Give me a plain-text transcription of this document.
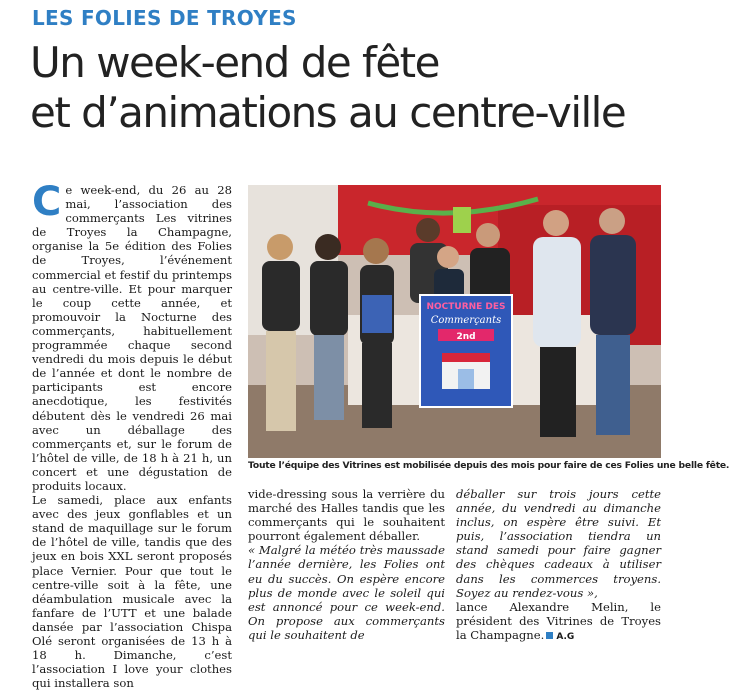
LES FOLIES DE TROYES
Un week-end de fête
et d’animations au centre-ville
C e week-end, du 26 au 28 mai, l’association des commerçants Les vitrines de Troyes la Champagne, organise la 5e édition des Folies de Troyes, l’événement commercial et festif du printemps au centre-ville. Et pour marquer le coup cette année, et promouvoir la Nocturne des commerçants, habituellement programmée chaque second vendredi du mois depuis le début de l’année et dont le nombre de participants est encore anecdotique, les festivités débutent dès le vendredi 26 mai avec un déballage des commerçants et, sur le forum de l’hôtel de ville, de 18 h à 21 h, un concert et une dégustation de produits locaux.

Le samedi, place aux enfants avec des jeux gonflables et un stand de maquillage sur le forum de l’hôtel de ville, tandis que des jeux en bois XXL seront proposés place Vernier. Pour que tout le centre-ville soit à la fête, une déambulation musicale avec la fanfare de l’UTT et une balade dansée par l’association Chispa Olé seront organisées de 13 h à 18 h. Dimanche, c’est l’association I love your clothes qui installera son

NOCTURNE DES
Commerçants
2nd
Toute l’équipe des Vitrines est mobilisée depuis des mois pour faire de ces Folies une belle fête.

vide-dressing sous la verrière du marché des Halles tandis que les commerçants qui le souhaitent pourront également déballer.

« Malgré la météo très maussade l’année dernière, les Folies ont eu du succès. On espère encore plus de monde avec le soleil qui est annoncé pour ce week-end. On propose aux commerçants qui le souhaitent de

déballer sur trois jours cette année, du vendredi au dimanche inclus, on espère être suivi. Et puis, l’association tiendra un stand samedi pour faire gagner des chèques cadeaux à utiliser dans les commerces troyens. Soyez au rendez-vous »,

lance Alexandre Melin, le président des Vitrines de Troyes la Champagne. A.G
